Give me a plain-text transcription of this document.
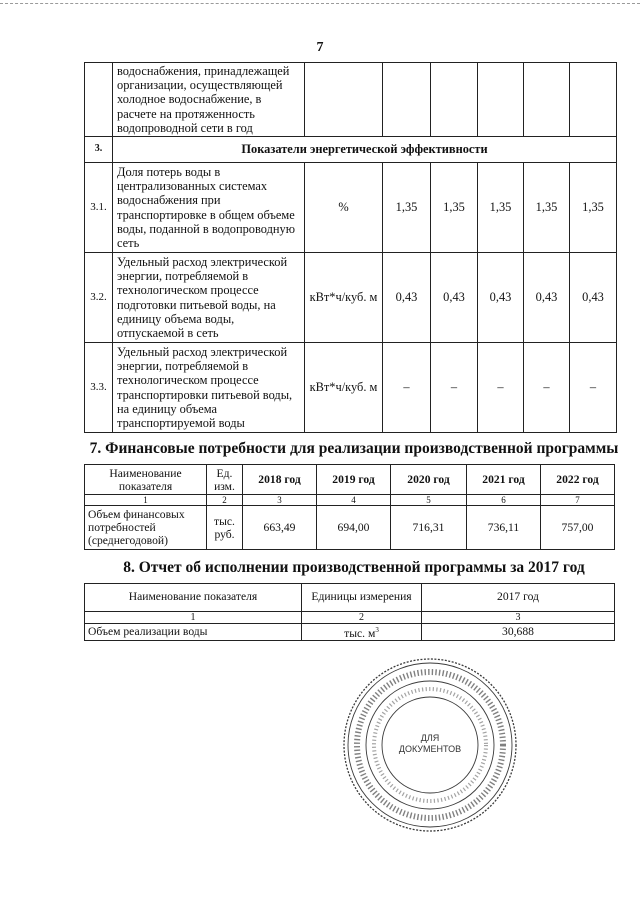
7
	водоснабжения, принадлежащей организации, осуществляющей холодное водоснабжение, в расчете на протяженность водопроводной сети в год						
3.	Показатели энергетической эффективности						
3.1.	Доля потерь воды в централизованных системах водоснабжения при транспортировке в общем объеме воды, поданной в водопроводную сеть	%	1,35	1,35	1,35	1,35	1,35
3.2.	Удельный расход электрической энергии, потребляемой в технологическом процессе подготовки питьевой воды, на единицу объема воды, отпускаемой в сеть	кВт*ч/куб. м	0,43	0,43	0,43	0,43	0,43
3.3.	Удельный расход электрической энергии, потребляемой в технологическом процессе транспортировки питьевой воды, на единицу объема транспортируемой воды	кВт*ч/куб. м	–	–	–	–	–
7. Финансовые потребности для реализации производственной программы
Наименование показателя	Ед. изм.	2018 год	2019 год	2020 год	2021 год	2022 год
1	2	3	4	5	6	7
Объем финансовых потребностей (среднегодовой)	тыс. руб.	663,49	694,00	716,31	736,11	757,00
8. Отчет об исполнении производственной программы за 2017 год
Наименование показателя	Единицы измерения	2017 год
1	2	3
Объем реализации воды	тыс. $м^3$	30,688
ДЛЯ
ДОКУМЕНТОВ
